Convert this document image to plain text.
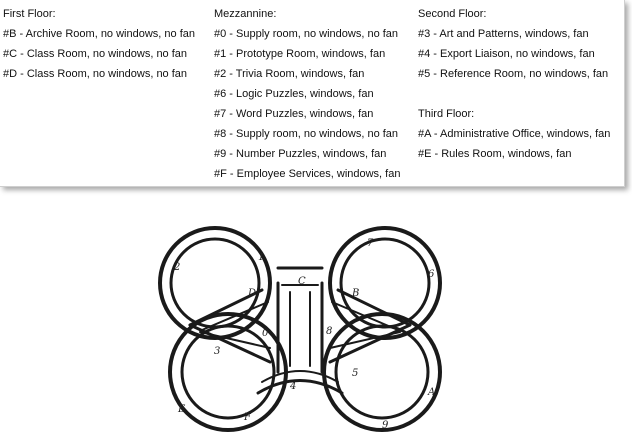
First Floor:
#B - Archive Room, no windows, no fan
#C - Class Room, no windows, no fan
#D - Class Room, no windows, no fan
Mezzannine:
#0 - Supply room, no windows, no fan
#1 - Prototype Room, windows, fan
#2 - Trivia Room, windows, fan
#6 - Logic Puzzles, windows, fan
#7 - Word Puzzles, windows, fan
#8 - Supply room, no windows, no fan
#9 - Number Puzzles, windows, fan
#F - Employee Services, windows, fan
Second Floor:
#3 - Art and Patterns, windows, fan
#4 - Export Liaison, no windows, fan
#5 - Reference Room, no windows, fan
Third Floor:
#A - Administrative Office, windows, fan
#E - Rules Room, windows, fan
1
2
7
6
D
C
B
0	8
3
4
5
E
F
9
A
